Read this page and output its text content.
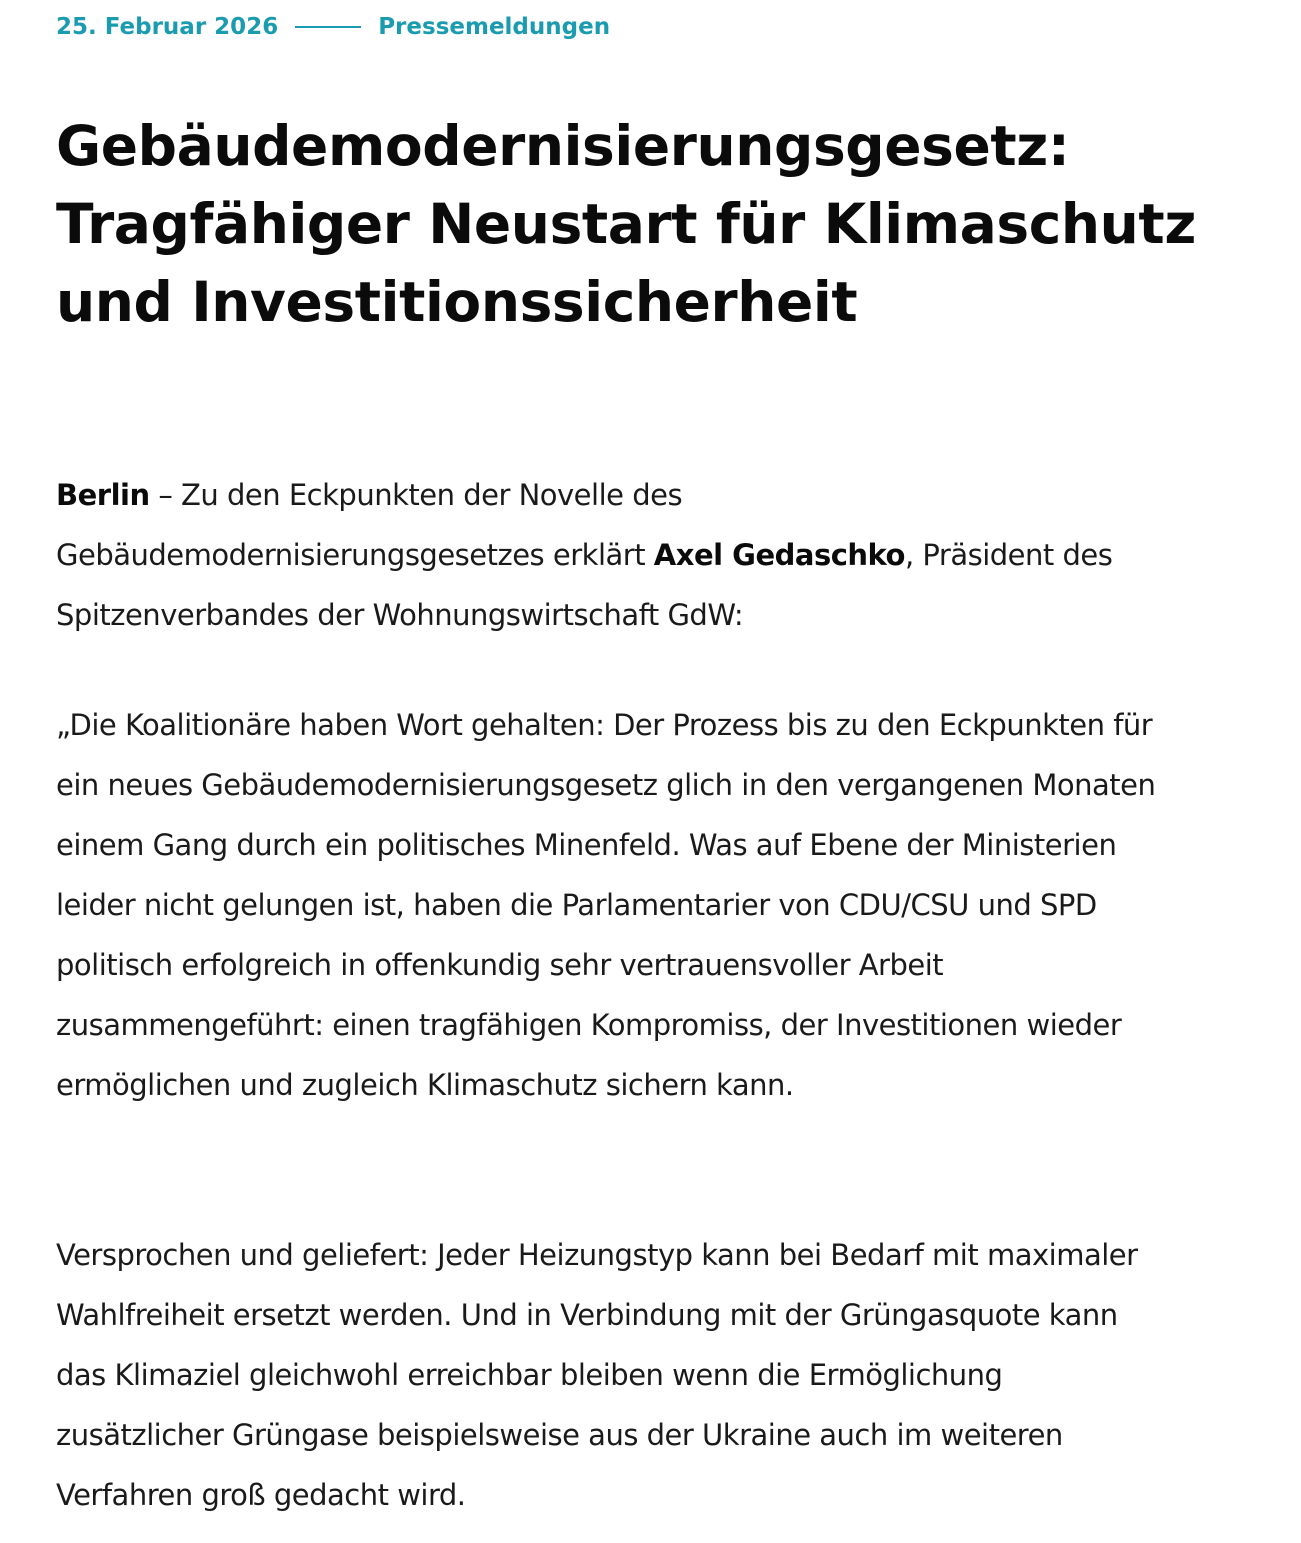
25. Februar 2026	Pressemeldungen
Gebäudemodernisierungsgesetz:
Tragfähiger Neustart für Klimaschutz
und Investitionssicherheit

Berlin – Zu den Eckpunkten der Novelle des Gebäudemodernisierungsgesetzes erklärt Axel Gedaschko, Präsident des Spitzenverbandes der Wohnungswirtschaft GdW:

„Die Koalitionäre haben Wort gehalten: Der Prozess bis zu den Eckpunkten für ein neues Gebäudemodernisierungsgesetz glich in den vergangenen Monaten einem Gang durch ein politisches Minenfeld. Was auf Ebene der Ministerien leider nicht gelungen ist, haben die Parlamentarier von CDU/CSU und SPD politisch erfolgreich in offenkundig sehr vertrauensvoller Arbeit zusammengeführt: einen tragfähigen Kompromiss, der Investitionen wieder ermöglichen und zugleich Klimaschutz sichern kann.

Versprochen und geliefert: Jeder Heizungstyp kann bei Bedarf mit maximaler Wahlfreiheit ersetzt werden. Und in Verbindung mit der Grüngasquote kann das Klimaziel gleichwohl erreichbar bleiben wenn die Ermöglichung zusätzlicher Grüngase beispielsweise aus der Ukraine auch im weiteren Verfahren groß gedacht wird.
